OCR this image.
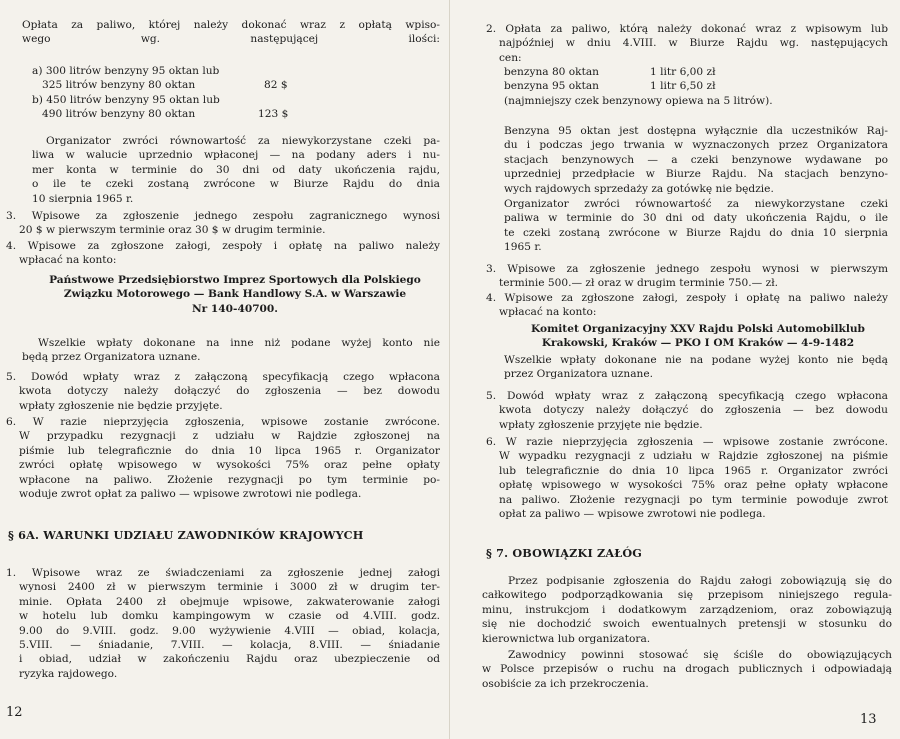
Opłata za paliwo, której należy dokonać wraz z opłatą wpiso-
wego wg. następującej ilości:
a) 300 litrów benzyny 95 oktan lub
325 litrów benzyny 80 oktan	82 $
b) 450 litrów benzyny 95 oktan lub
490 litrów benzyny 80 oktan	123 $
Organizator zwróci równowartość za niewykorzystane czeki pa-
liwa w walucie uprzednio wpłaconej — na podany aders i nu-
mer konta w terminie do 30 dni od daty ukończenia rajdu,
o ile te czeki zostaną zwrócone w Biurze Rajdu do dnia
10 sierpnia 1965 r.
3. Wpisowe za zgłoszenie jednego zespołu zagranicznego wynosi
20 $ w pierwszym terminie oraz 30 $ w drugim terminie.
4. Wpisowe za zgłoszone załogi, zespoły i opłatę na paliwo należy
wpłacać na konto:
Państwowe Przedsiębiorstwo Imprez Sportowych dla Polskiego
Związku Motorowego — Bank Handlowy S.A. w Warszawie
Nr 140-40700.
Wszelkie wpłaty dokonane na inne niż podane wyżej konto nie
będą przez Organizatora uznane.
5. Dowód wpłaty wraz z załączoną specyfikacją czego wpłacona
kwota dotyczy należy dołączyć do zgłoszenia — bez dowodu
wpłaty zgłoszenie nie będzie przyjęte.
6. W razie nieprzyjęcia zgłoszenia, wpisowe zostanie zwrócone.
W przypadku rezygnacji z udziału w Rajdzie zgłoszonej na
piśmie lub telegraficznie do dnia 10 lipca 1965 r. Organizator
zwróci opłatę wpisowego w wysokości 75% oraz pełne opłaty
wpłacone na paliwo. Złożenie rezygnacji po tym terminie po-
woduje zwrot opłat za paliwo — wpisowe zwrotowi nie podlega.
§ 6A. WARUNKI UDZIAŁU ZAWODNIKÓW KRAJOWYCH
1. Wpisowe wraz ze świadczeniami za zgłoszenie jednej załogi
wynosi 2400 zł w pierwszym terminie i 3000 zł w drugim ter-
minie. Opłata 2400 zł obejmuje wpisowe, zakwaterowanie załogi
w hotelu lub domku kampingowym w czasie od 4.VIII. godz.
9.00 do 9.VIII. godz. 9.00 wyżywienie 4.VIII — obiad, kolacja,
5.VIII. — śniadanie, 7.VIII. — kolacja, 8.VIII. — śniadanie
i obiad, udział w zakończeniu Rajdu oraz ubezpieczenie od
ryzyka rajdowego.
12
2. Opłata za paliwo, którą należy dokonać wraz z wpisowym lub
najpóźniej w dniu 4.VIII. w Biurze Rajdu wg. następujących
cen:
benzyna 80 oktan	1 litr 6,00 zł
benzyna 95 oktan	1 litr 6,50 zł
(najmniejszy czek benzynowy opiewa na 5 litrów).
Benzyna 95 oktan jest dostępna wyłącznie dla uczestników Raj-
du i podczas jego trwania w wyznaczonych przez Organizatora
stacjach benzynowych — a czeki benzynowe wydawane po
uprzedniej przedpłacie w Biurze Rajdu. Na stacjach benzyno-
wych rajdowych sprzedaży za gotówkę nie będzie.
Organizator zwróci równowartość za niewykorzystane czeki
paliwa w terminie do 30 dni od daty ukończenia Rajdu, o ile
te czeki zostaną zwrócone w Biurze Rajdu do dnia 10 sierpnia
1965 r.
3. Wpisowe za zgłoszenie jednego zespołu wynosi w pierwszym
terminie 500.— zł oraz w drugim terminie 750.— zł.
4. Wpisowe za zgłoszone załogi, zespoły i opłatę na paliwo należy
wpłacać na konto:
Komitet Organizacyjny XXV Rajdu Polski Automobilklub
Krakowski, Kraków — PKO I OM Kraków — 4-9-1482
Wszelkie wpłaty dokonane nie na podane wyżej konto nie będą
przez Organizatora uznane.
5. Dowód wpłaty wraz z załączoną specyfikacją czego wpłacona
kwota dotyczy należy dołączyć do zgłoszenia — bez dowodu
wpłaty zgłoszenie przyjęte nie będzie.
6. W razie nieprzyjęcia zgłoszenia — wpisowe zostanie zwrócone.
W wypadku rezygnacji z udziału w Rajdzie zgłoszonej na piśmie
lub telegraficznie do dnia 10 lipca 1965 r. Organizator zwróci
opłatę wpisowego w wysokości 75% oraz pełne opłaty wpłacone
na paliwo. Złożenie rezygnacji po tym terminie powoduje zwrot
opłat za paliwo — wpisowe zwrotowi nie podlega.
§ 7. OBOWIĄZKI ZAŁÓG
Przez podpisanie zgłoszenia do Rajdu załogi zobowiązują się do
całkowitego podporządkowania się przepisom niniejszego regula-
minu, instrukcjom i dodatkowym zarządzeniom, oraz zobowiązują
się nie dochodzić swoich ewentualnych pretensji w stosunku do
kierownictwa lub organizatora.
Zawodnicy powinni stosować się ściśle do obowiązujących
w Polsce przepisów o ruchu na drogach publicznych i odpowiadają
osobiście za ich przekroczenia.
13
